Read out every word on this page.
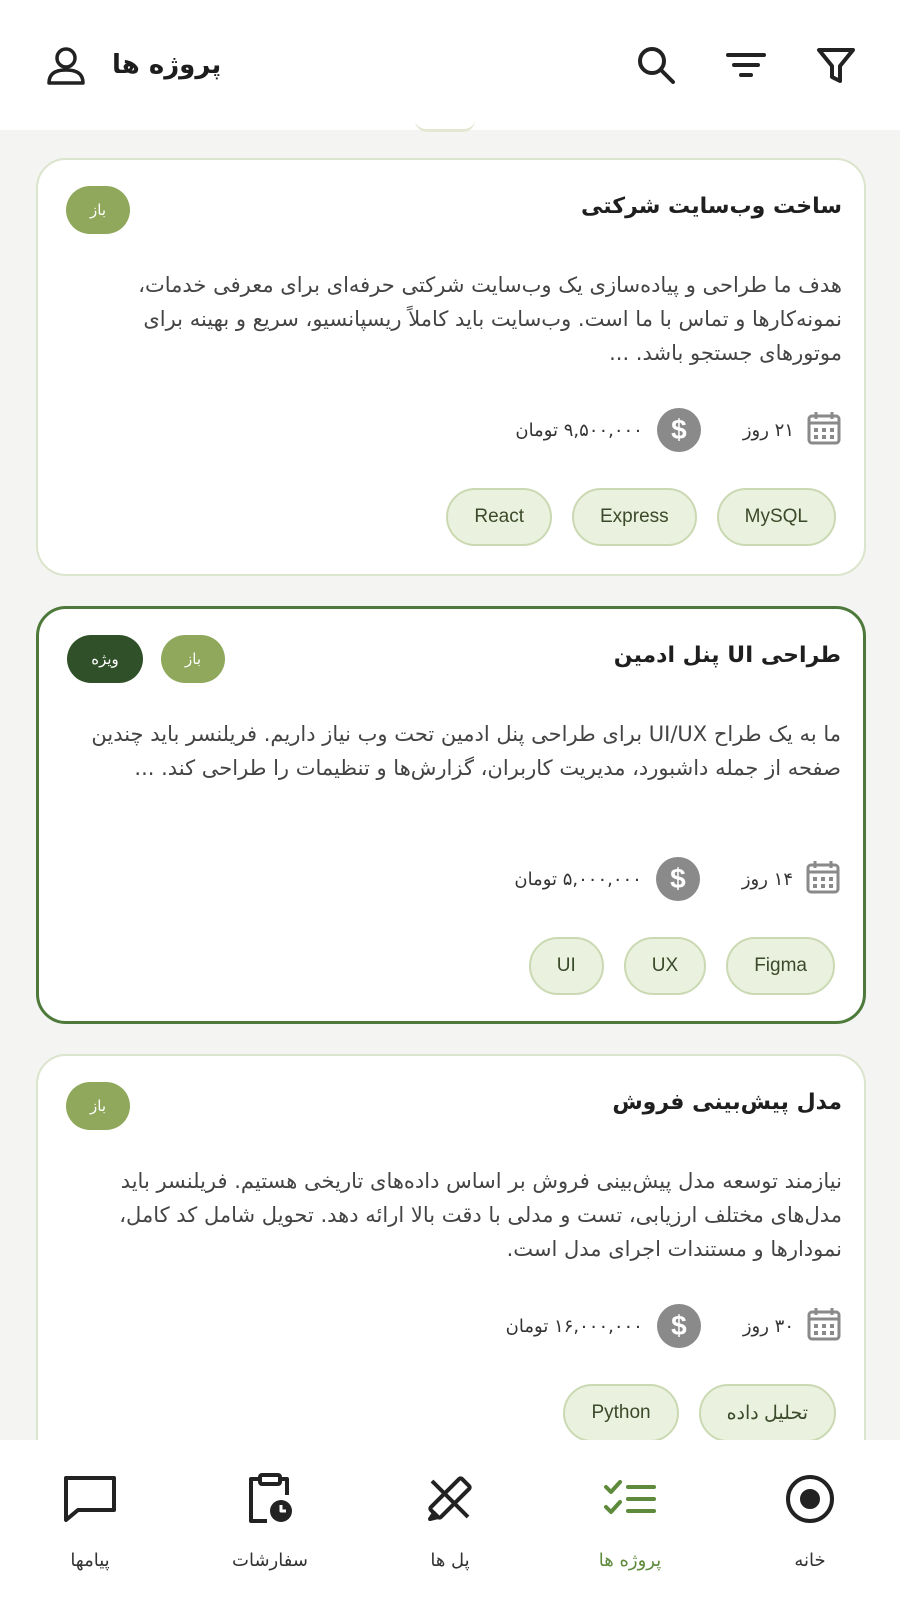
پروژه ها
ساخت وب‌سایت شرکتی
باز
هدف ما طراحی و پیاده‌سازی یک وب‌سایت شرکتی حرفه‌ای برای معرفی خدمات، نمونه‌کارها و تماس با ما است. وب‌سایت باید کاملاً ریسپانسیو، سریع و بهینه برای موتورهای جستجو باشد. ...
۲۱ روز
$
۹,۵۰۰,۰۰۰ تومان
MySQL
Express
React
طراحی UI پنل ادمین
باز
ویژه
ما به یک طراح UI/UX برای طراحی پنل ادمین تحت وب نیاز داریم. فریلنسر باید چندین صفحه از جمله داشبورد، مدیریت کاربران، گزارش‌ها و تنظیمات را طراحی کند. ...
۱۴ روز
$
۵,۰۰۰,۰۰۰ تومان
Figma
UX
UI
مدل پیش‌بینی فروش
باز
نیازمند توسعه مدل پیش‌بینی فروش بر اساس داده‌های تاریخی هستیم. فریلنسر باید مدل‌های مختلف ارزیابی، تست و مدلی با دقت بالا ارائه دهد. تحویل شامل کد کامل، نمودارها و مستندات اجرای مدل است.
۳۰ روز
$
۱۶,۰۰۰,۰۰۰ تومان
تحلیل داده
Python
پیامها	سفارشات	پل ها	پروژه ها	خانه
